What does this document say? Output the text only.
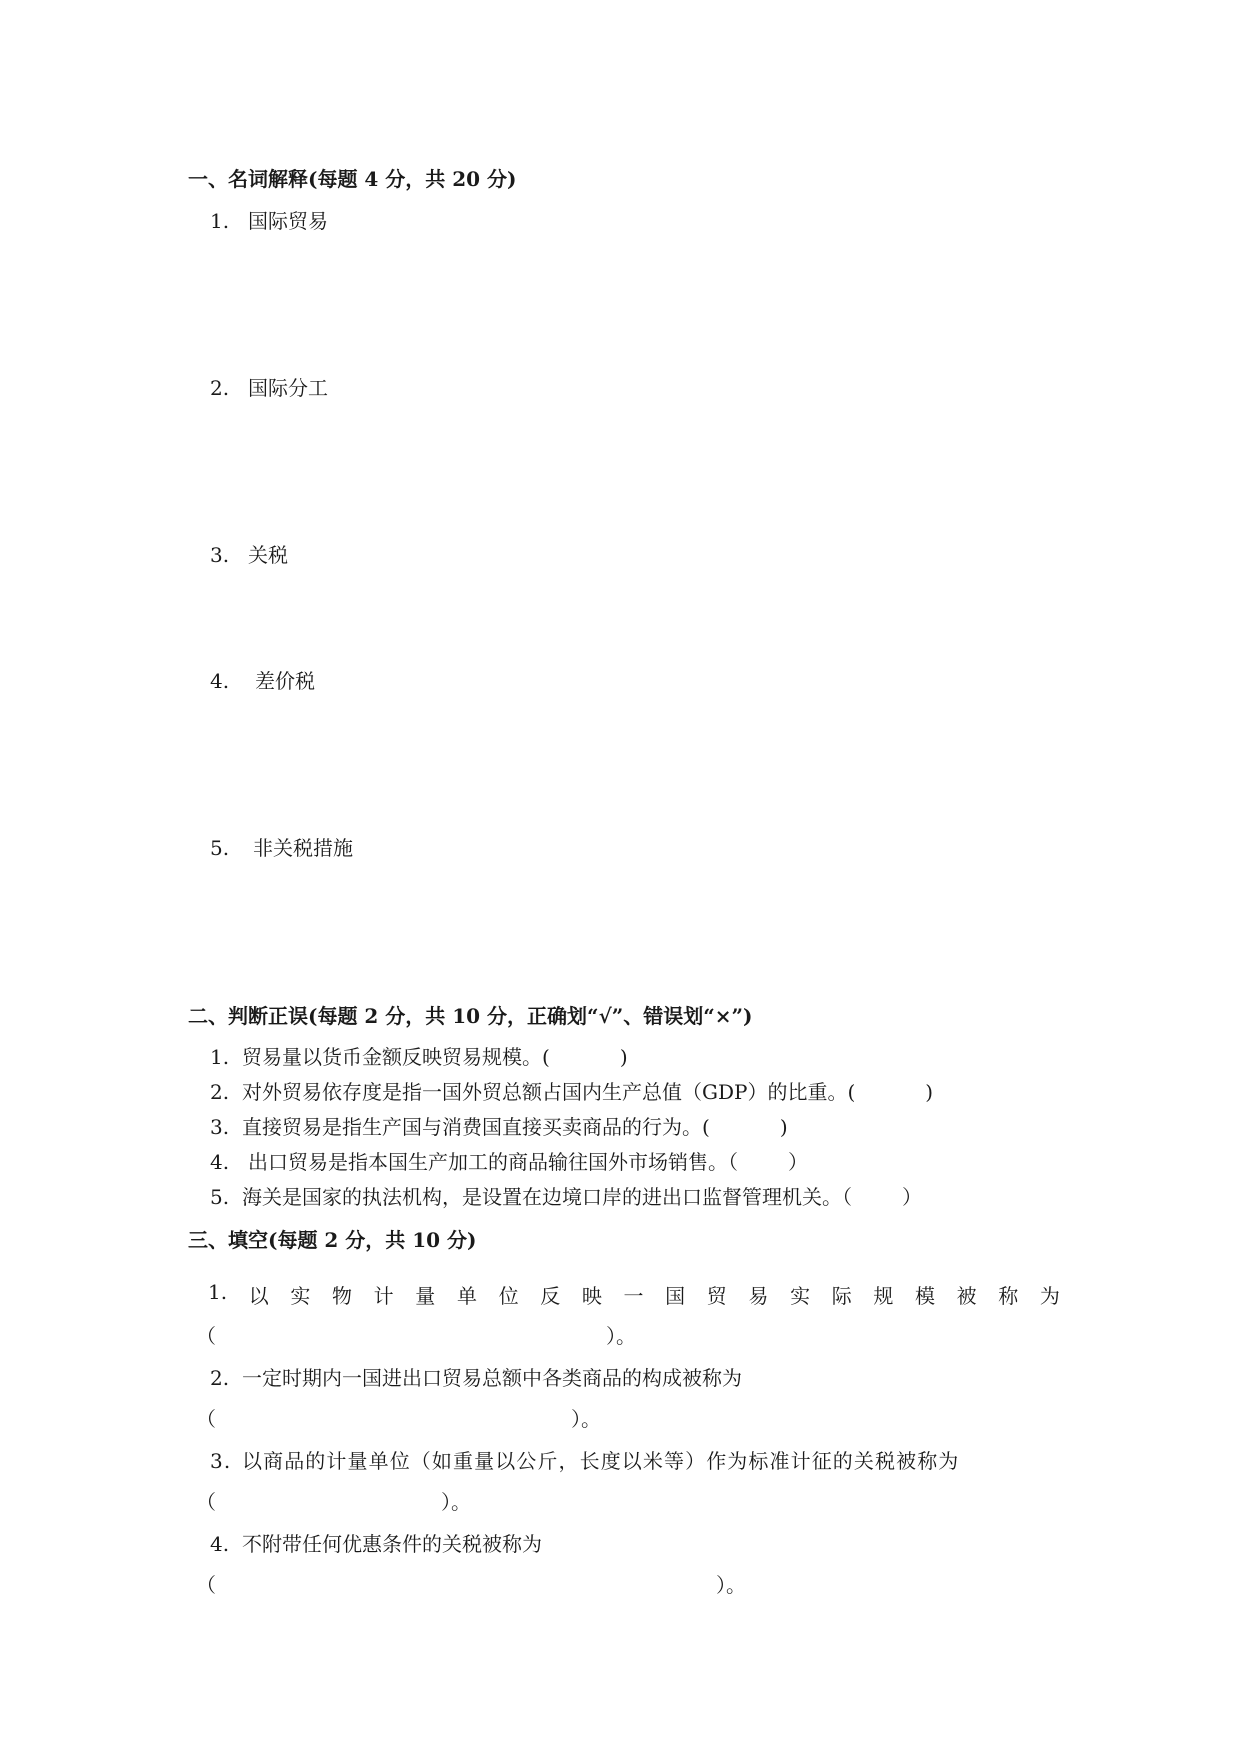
一、名词解释(每题 4 分，共 20 分)
1. 国际贸易
2. 国际分工
3. 关税
4. 差价税
5. 非关税措施
二、判断正误(每题 2 分，共 10 分，正确划“√”、错误划“×”)
1. 贸易量以货币金额反映贸易规模。(	)
2. 对外贸易依存度是指一国外贸总额占国内生产总值（GDP）的比重。(	)
3. 直接贸易是指生产国与消费国直接买卖商品的行为。(	)
4. 出口贸易是指本国生产加工的商品输往国外市场销售。（	）
5. 海关是国家的执法机构，是设置在边境口岸的进出口监督管理机关。（	）
三、填空(每题 2 分，共 10 分)
1. 以 实 物 计 量 单 位 反 映 一 国 贸 易 实 际 规 模 被 称 为
（	）。
2. 一定时期内一国进出口贸易总额中各类商品的构成被称为
（	）。
3. 以商品的计量单位（如重量以公斤，长度以米等）作为标准计征的关税被称为
（	）。
4. 不附带任何优惠条件的关税被称为
（	）。
